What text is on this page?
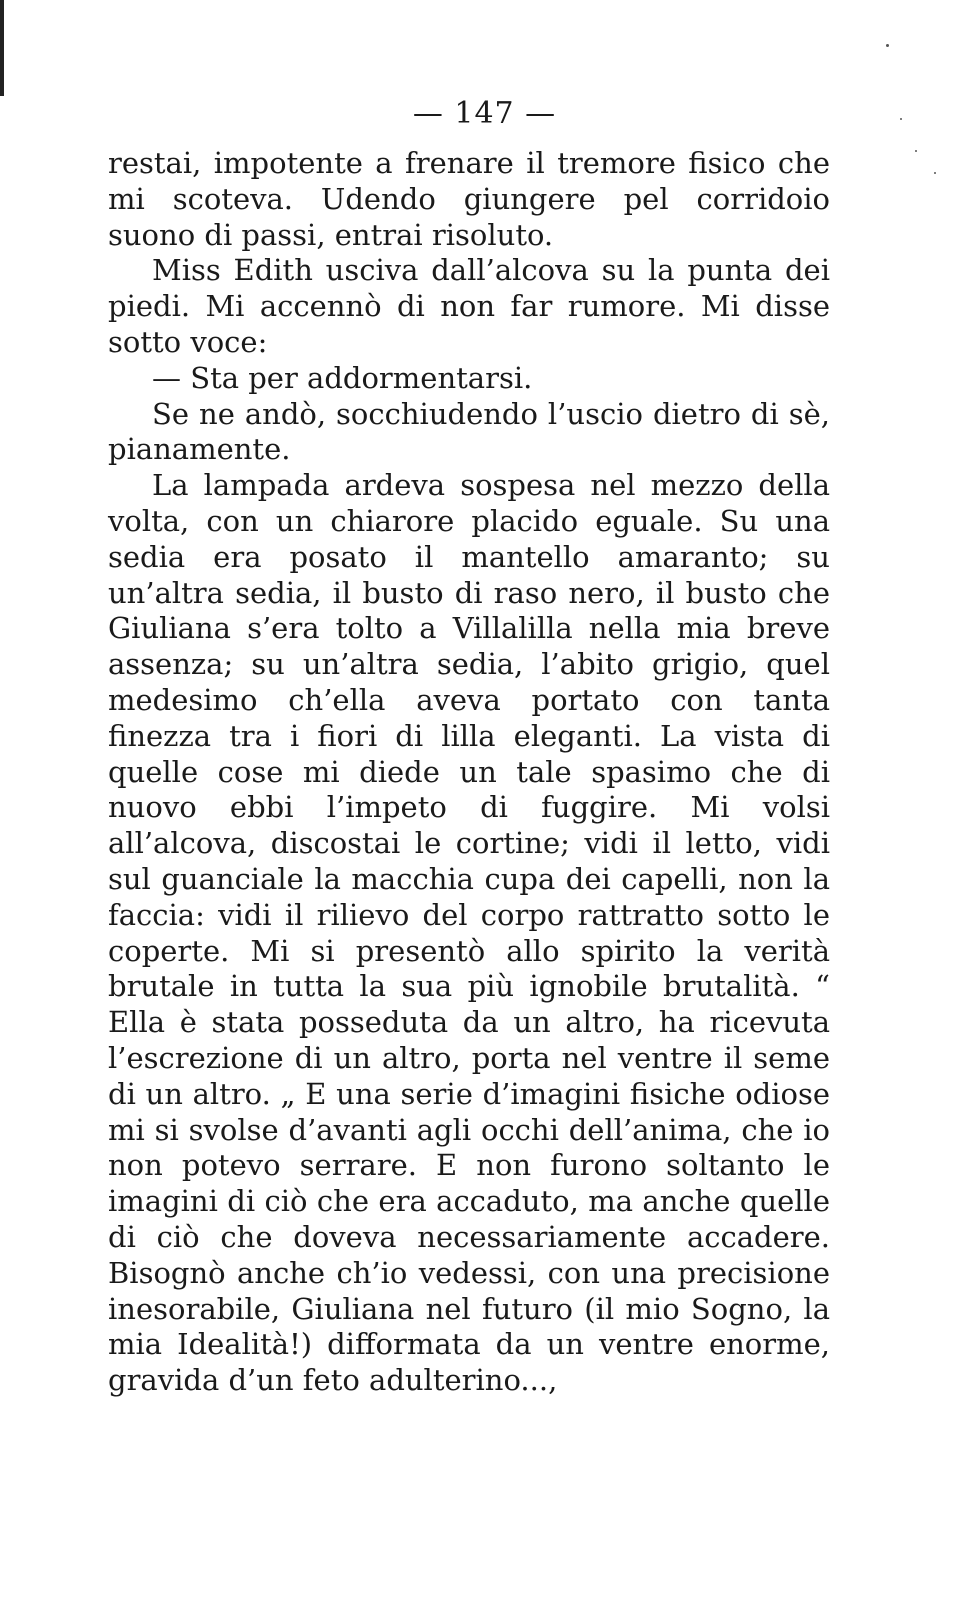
— 147 —

restai, impotente a frenare il tremore fisico che mi scoteva. Udendo giungere pel corridoio suono di passi, entrai risoluto.

Miss Edith usciva dall’alcova su la punta dei piedi. Mi accennò di non far rumore. Mi disse sotto voce:

— Sta per addormentarsi.

Se ne andò, socchiudendo l’uscio dietro di sè, pianamente.

La lampada ardeva sospesa nel mezzo della volta, con un chiarore placido eguale. Su una sedia era posato il mantello amaranto; su un’altra sedia, il busto di raso nero, il busto che Giuliana s’era tolto a Villalilla nella mia breve assenza; su un’altra sedia, l’abito grigio, quel medesimo ch’ella aveva portato con tanta finezza tra i fiori di lilla eleganti. La vista di quelle cose mi diede un tale spasimo che di nuovo ebbi l’impeto di fuggire. Mi volsi all’alcova, discostai le cortine; vidi il letto, vidi sul guanciale la macchia cupa dei capelli, non la faccia: vidi il rilievo del corpo rattratto sotto le coperte. Mi si presentò allo spirito la verità brutale in tutta la sua più ignobile brutalità. “ Ella è stata posseduta da un altro, ha ricevuta l’escrezione di un altro, porta nel ventre il seme di un altro. „ E una serie d’imagini fisiche odiose mi si svolse d’avanti agli occhi dell’anima, che io non potevo serrare. E non furono soltanto le imagini di ciò che era accaduto, ma anche quelle di ciò che doveva necessariamente accadere. Bisognò anche ch’io vedessi, con una precisione inesorabile, Giuliana nel futuro (il mio Sogno, la mia Idealità!) difformata da un ventre enorme, gravida d’un feto adulterino...,
